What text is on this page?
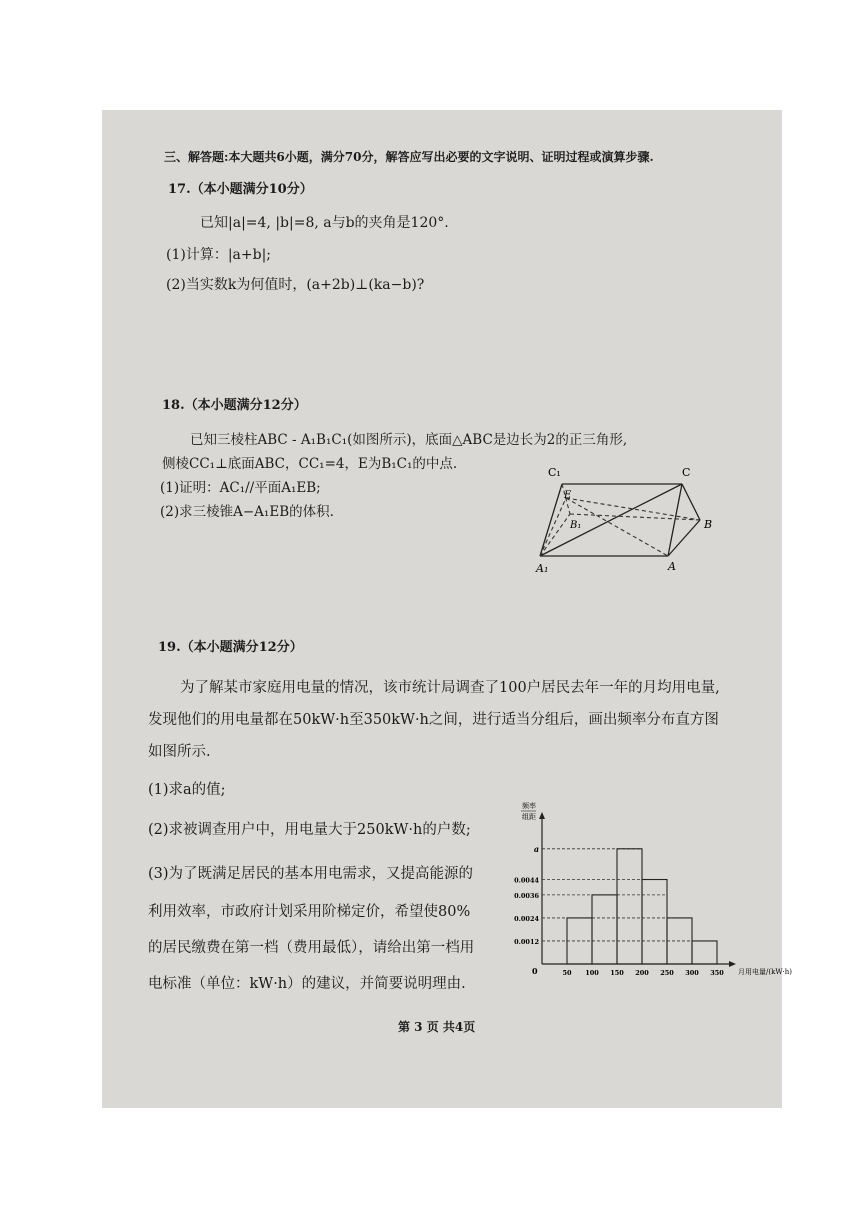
三、解答题:本大题共6小题，满分70分，解答应写出必要的文字说明、证明过程或演算步骤.
17.（本小题满分10分）
已知|a|=4, |b|=8, a与b的夹角是120°.
(1)计算：|a+b|;
(2)当实数k为何值时，(a+2b)⊥(ka−b)?
18.（本小题满分12分）
已知三棱柱ABC - A₁B₁C₁(如图所示)，底面△ABC是边长为2的正三角形,
侧棱CC₁⊥底面ABC，CC₁=4，E为B₁C₁的中点.
(1)证明：AC₁//平面A₁EB;
(2)求三棱锥A−A₁EB的体积.
C₁	C
E
B₁	B
A₁	A
19.（本小题满分12分）
为了解某市家庭用电量的情况，该市统计局调查了100户居民去年一年的月均用电量,
发现他们的用电量都在50kW·h至350kW·h之间，进行适当分组后，画出频率分布直方图
如图所示.
(1)求a的值;
(2)求被调查用户中，用电量大于250kW·h的户数;
(3)为了既满足居民的基本用电需求，又提高能源的
利用效率，市政府计划采用阶梯定价，希望使80%
的居民缴费在第一档（费用最低），请给出第一档用
电标准（单位：kW·h）的建议，并简要说明理由.
频率
组距
月用电量/(kW·h)
0
a
0.0044
0.0036
0.0024
0.0012
50 100 150 200 250 300 350
第 3 页 共4页
